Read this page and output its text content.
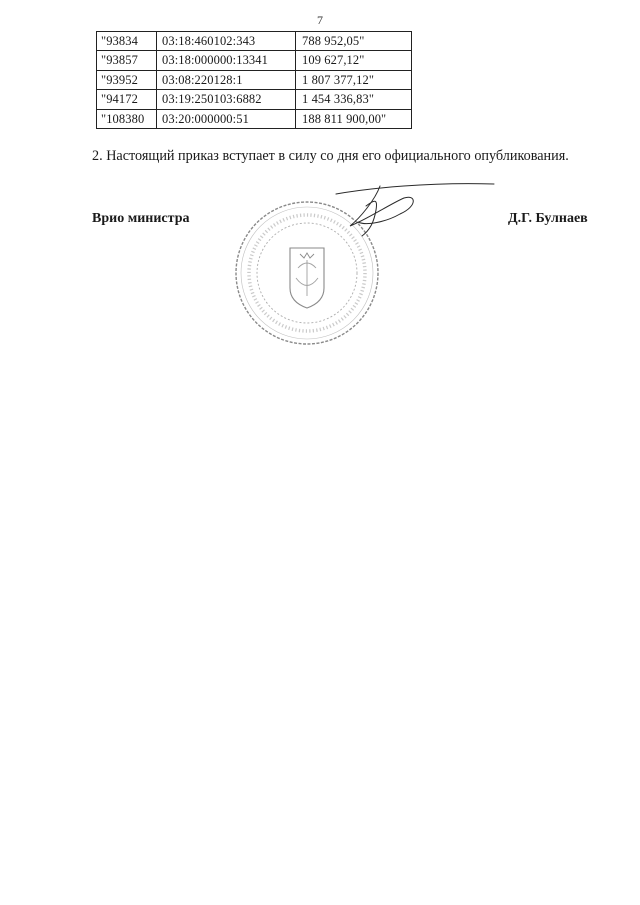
7
"93834	03:18:460102:343	788 952,05"
"93857	03:18:000000:13341	109 627,12"
"93952	03:08:220128:1	1 807 377,12"
"94172	03:19:250103:6882	1 454 336,83"
"108380	03:20:000000:51	188 811 900,00"
2. Настоящий приказ вступает в силу со дня его официального опубликования.
Врио министра	Д.Г. Булнаев
